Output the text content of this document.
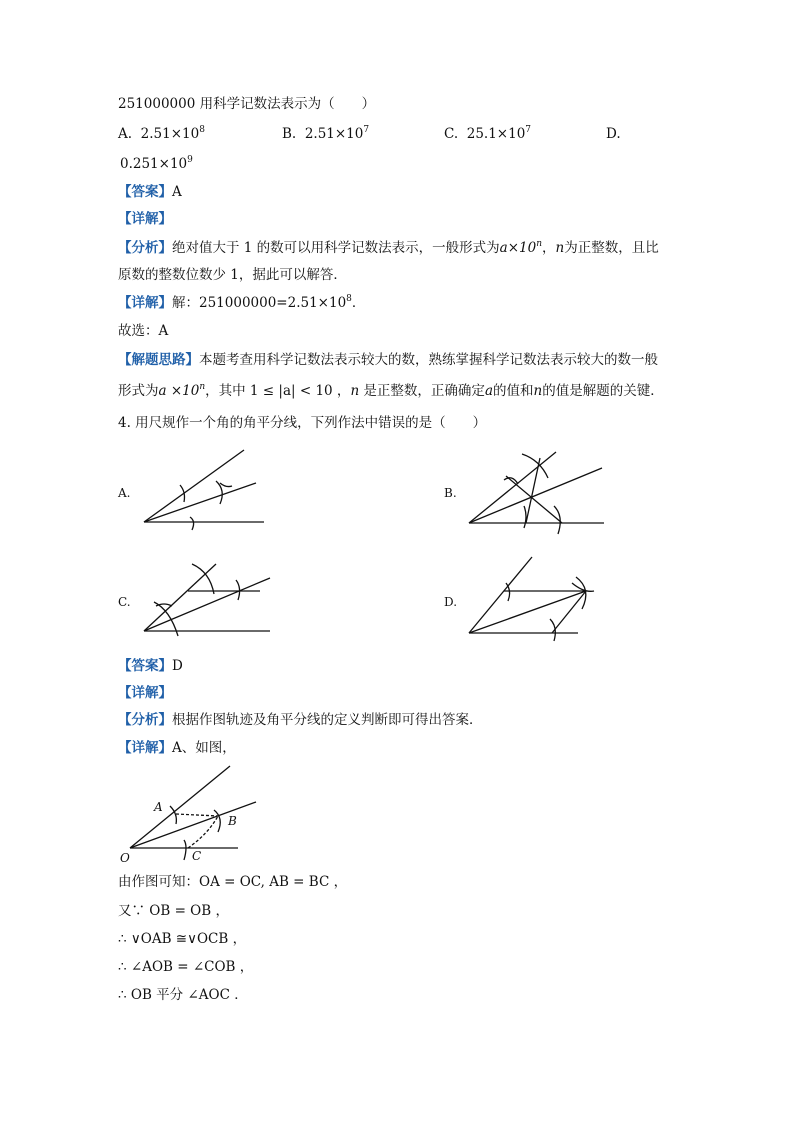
251000000 用科学记数法表示为（　　）
A. $2.51\times 10^8$	B. $2.51\times 10^7$	C. $25.1\times 10^7$	D.
$0.251\times 10^9$
【答案】A
【详解】
【分析】绝对值大于 1 的数可以用科学记数法表示，一般形式为$a\times 10^n$，n为正整数，且比
原数的整数位数少 1，据此可以解答．
【详解】解：$251000000=2.51\times 10^8$．
故选：A
【解题思路】本题考查用科学记数法表示较大的数，熟练掌握科学记数法表示较大的数一般
形式为$a \times 10^n$，其中 1 ≤ |a| < 10 ，n 是正整数，正确确定a的值和n的值是解题的关键．
4. 用尺规作一个角的角平分线，下列作法中错误的是（　　）
A.	B.
C.	D.
【答案】D
【详解】
【分析】根据作图轨迹及角平分线的定义判断即可得出答案．
【详解】A、如图，
A
B
C
O
由作图可知：OA = OC, AB = BC ，
又∵ OB = OB ，
∴ ∨OAB ≅∨OCB ，
∴ ∠AOB = ∠COB ，
∴ OB 平分 ∠AOC ．
